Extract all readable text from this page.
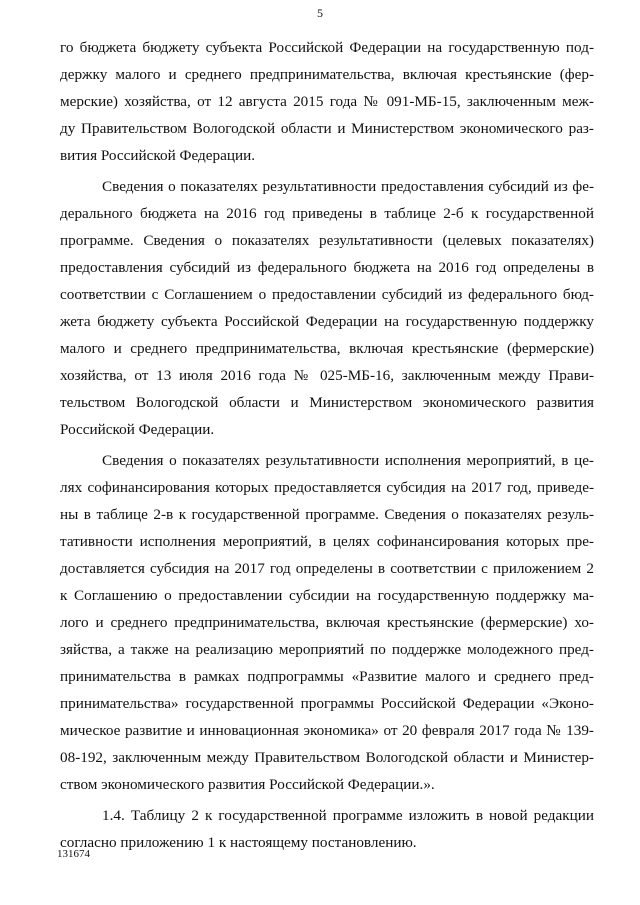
5
го бюджета бюджету субъекта Российской Федерации на государственную под-
держку малого и среднего предпринимательства, включая крестьянские (фер-
мерские) хозяйства, от 12 августа 2015 года № 091-МБ-15, заключенным меж-
ду Правительством Вологодской области и Министерством экономического раз-
вития Российской Федерации.
Сведения о показателях результативности предоставления субсидий из фе-
дерального бюджета на 2016 год приведены в таблице 2-б к государственной
программе. Сведения о показателях результативности (целевых показателях)
предоставления субсидий из федерального бюджета на 2016 год определены в
соответствии с Соглашением о предоставлении субсидий из федерального бюд-
жета бюджету субъекта Российской Федерации на государственную поддержку
малого и среднего предпринимательства, включая крестьянские (фермерские)
хозяйства, от 13 июля 2016 года № 025-МБ-16, заключенным между Прави-
тельством Вологодской области и Министерством экономического развития
Российской Федерации.
Сведения о показателях результативности исполнения мероприятий, в це-
лях софинансирования которых предоставляется субсидия на 2017 год, приведе-
ны в таблице 2-в к государственной программе. Сведения о показателях резуль-
тативности исполнения мероприятий, в целях софинансирования которых пре-
доставляется субсидия на 2017 год определены в соответствии с приложением 2
к Соглашению о предоставлении субсидии на государственную поддержку ма-
лого и среднего предпринимательства, включая крестьянские (фермерские) хо-
зяйства, а также на реализацию мероприятий по поддержке молодежного пред-
принимательства в рамках подпрограммы «Развитие малого и среднего пред-
принимательства» государственной программы Российской Федерации «Эконо-
мическое развитие и инновационная экономика» от 20 февраля 2017 года № 139-
08-192, заключенным между Правительством Вологодской области и Министер-
ством экономического развития Российской Федерации.».
1.4. Таблицу 2 к государственной программе изложить в новой редакции
согласно приложению 1 к настоящему постановлению.
131674
